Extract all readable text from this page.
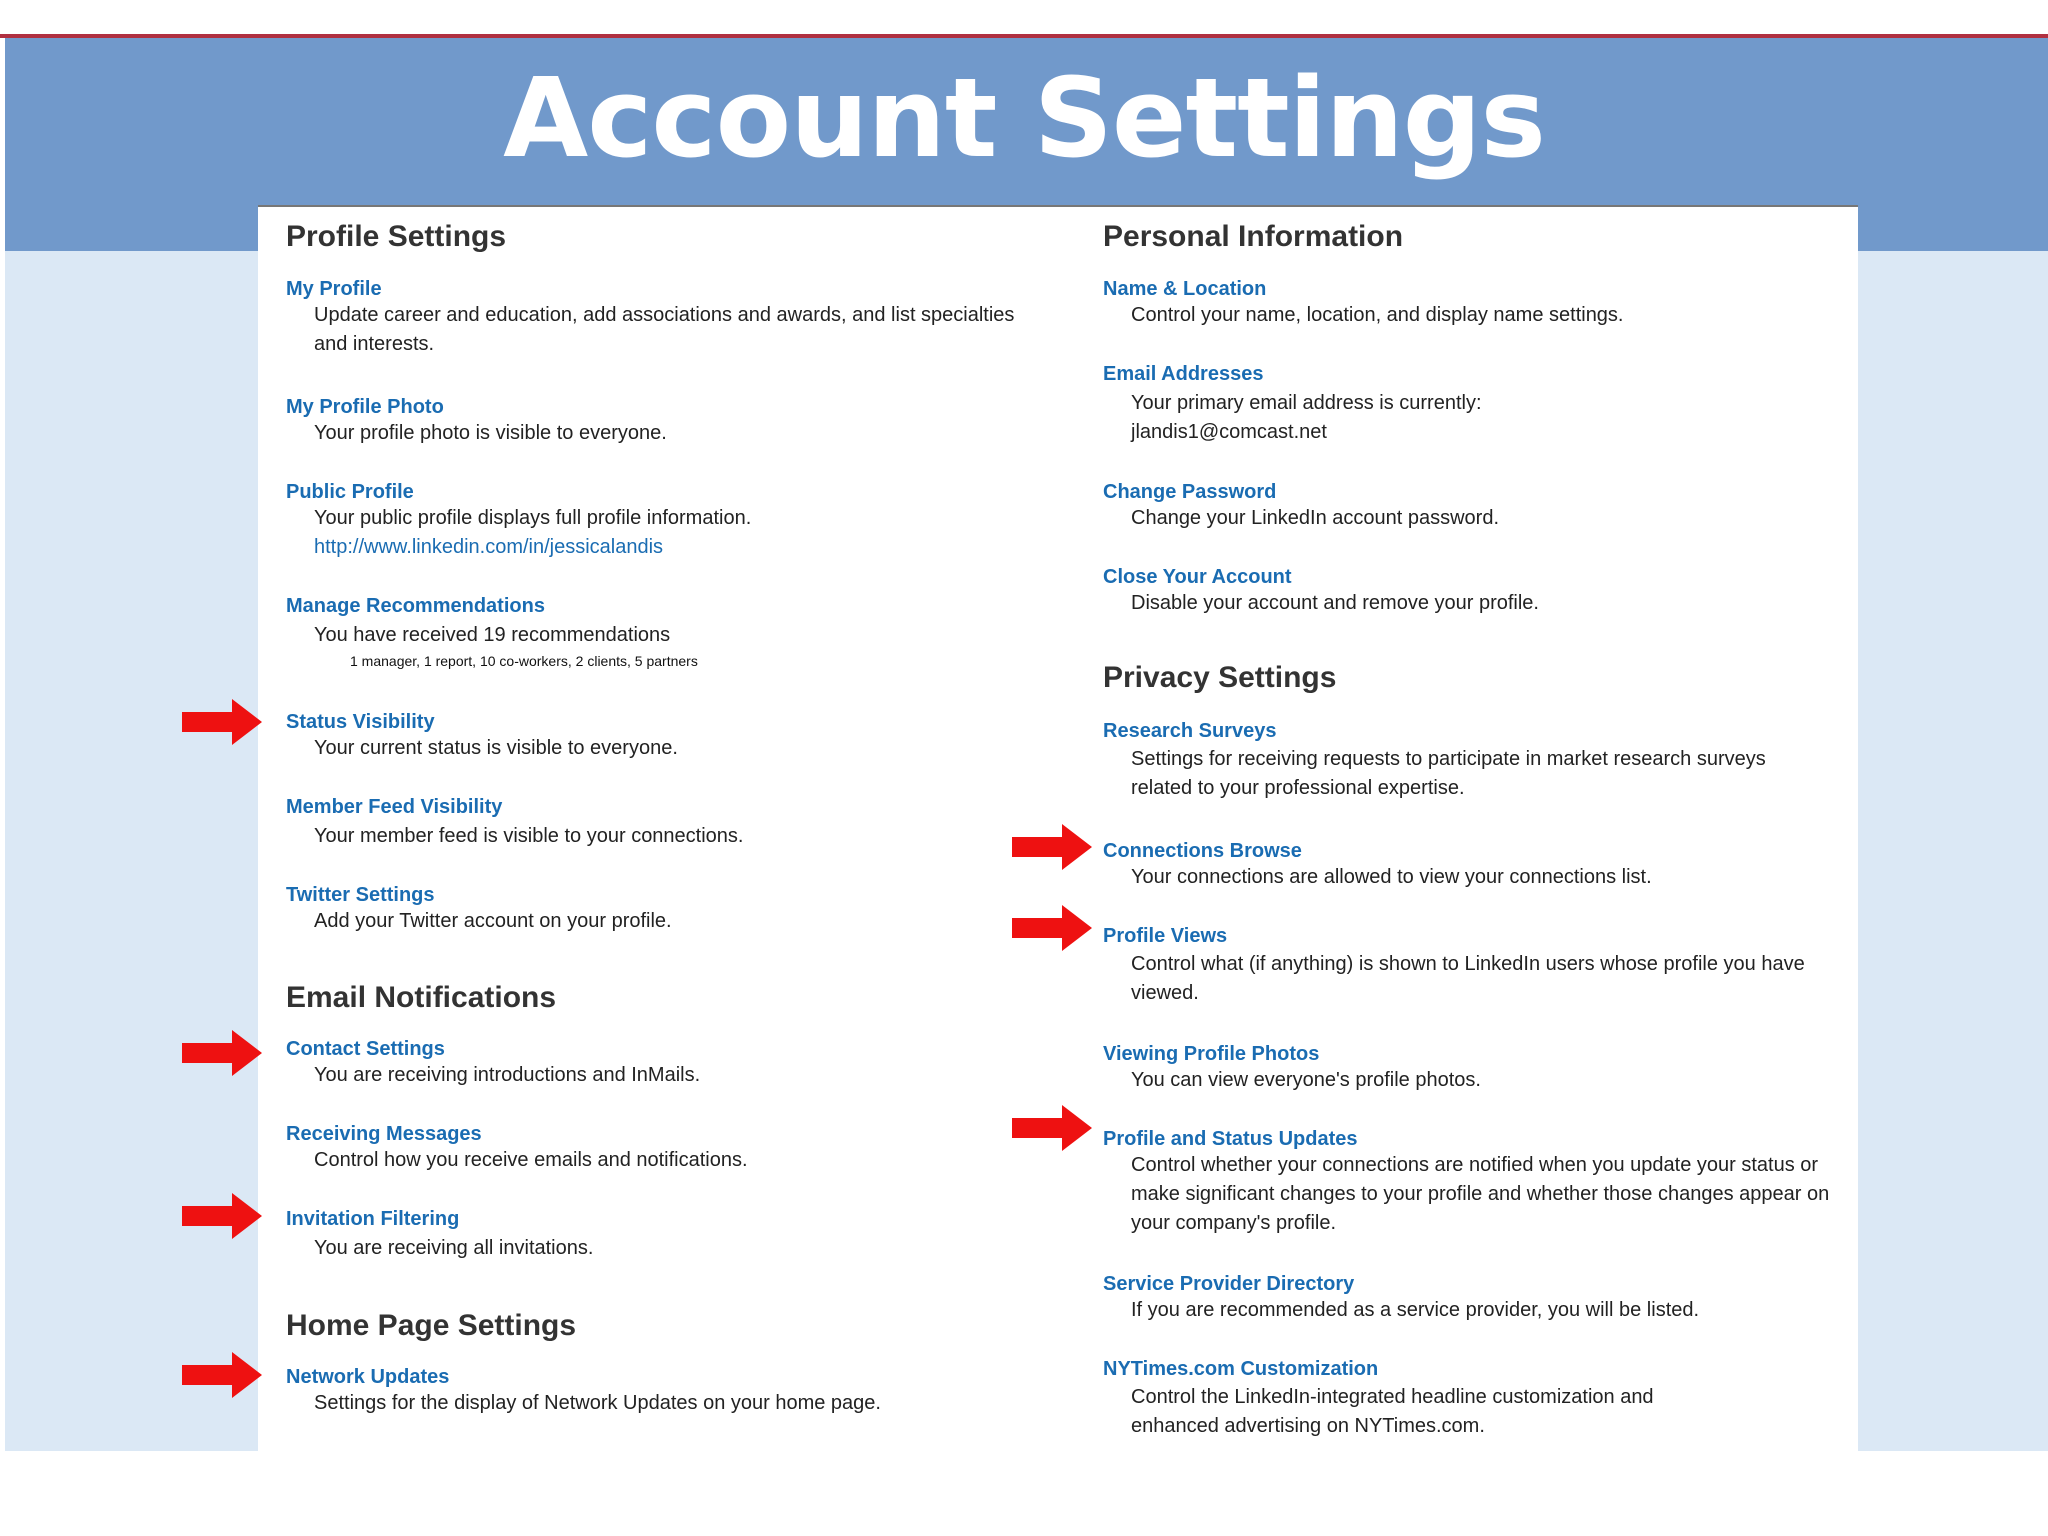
Account Settings
Profile Settings
My Profile
Update career and education, add associations and awards, and list specialties and interests.
My Profile Photo
Your profile photo is visible to everyone.
Public Profile
Your public profile displays full profile information.
http://www.linkedin.com/in/jessicalandis
Manage Recommendations
You have received 19 recommendations
1 manager, 1 report, 10 co-workers, 2 clients, 5 partners
Status Visibility
Your current status is visible to everyone.
Member Feed Visibility
Your member feed is visible to your connections.
Twitter Settings
Add your Twitter account on your profile.
Email Notifications
Contact Settings
You are receiving introductions and InMails.
Receiving Messages
Control how you receive emails and notifications.
Invitation Filtering
You are receiving all invitations.
Home Page Settings
Network Updates
Settings for the display of Network Updates on your home page.
Personal Information
Name & Location
Control your name, location, and display name settings.
Email Addresses
Your primary email address is currently:
jlandis1@comcast.net
Change Password
Change your LinkedIn account password.
Close Your Account
Disable your account and remove your profile.
Privacy Settings
Research Surveys
Settings for receiving requests to participate in market research surveys related to your professional expertise.
Connections Browse
Your connections are allowed to view your connections list.
Profile Views
Control what (if anything) is shown to LinkedIn users whose profile you have viewed.
Viewing Profile Photos
You can view everyone's profile photos.
Profile and Status Updates
Control whether your connections are notified when you update your status or make significant changes to your profile and whether those changes appear on your company's profile.
Service Provider Directory
If you are recommended as a service provider, you will be listed.
NYTimes.com Customization
Control the LinkedIn-integrated headline customization and enhanced advertising on NYTimes.com.
